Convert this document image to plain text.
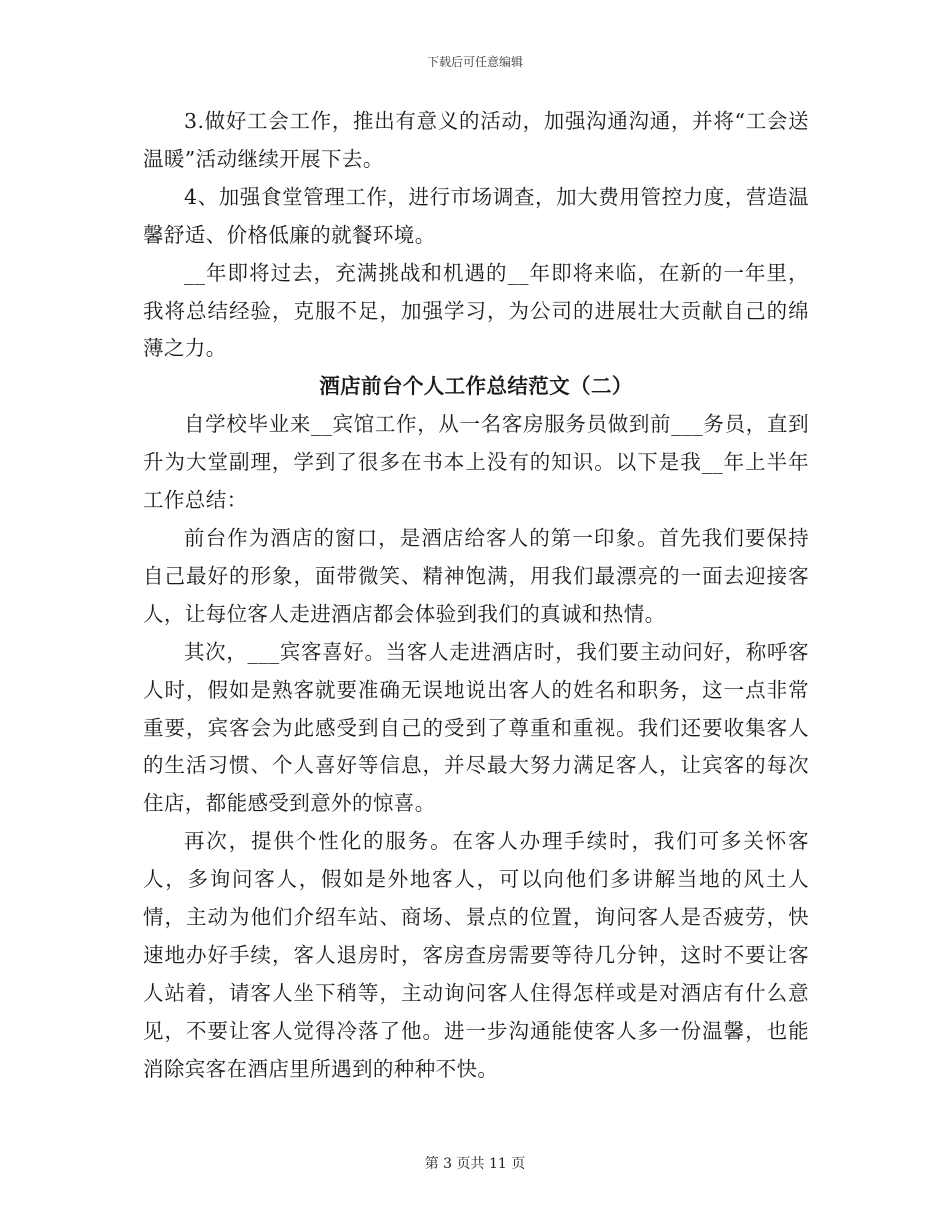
下载后可任意编辑

3.做好工会工作，推出有意义的活动，加强沟通沟通，并将“工会送温暖”活动继续开展下去。

4、加强食堂管理工作，进行市场调查，加大费用管控力度，营造温馨舒适、价格低廉的就餐环境。

__年即将过去，充满挑战和机遇的__年即将来临，在新的一年里，我将总结经验，克服不足，加强学习，为公司的进展壮大贡献自己的绵薄之力。

酒店前台个人工作总结范文（二）

自学校毕业来__宾馆工作，从一名客房服务员做到前___务员，直到升为大堂副理，学到了很多在书本上没有的知识。以下是我__年上半年工作总结：

前台作为酒店的窗口，是酒店给客人的第一印象。首先我们要保持自己最好的形象，面带微笑、精神饱满，用我们最漂亮的一面去迎接客人，让每位客人走进酒店都会体验到我们的真诚和热情。

其次，___宾客喜好。当客人走进酒店时，我们要主动问好，称呼客人时，假如是熟客就要准确无误地说出客人的姓名和职务，这一点非常重要，宾客会为此感受到自己的受到了尊重和重视。我们还要收集客人的生活习惯、个人喜好等信息，并尽最大努力满足客人，让宾客的每次住店，都能感受到意外的惊喜。

再次，提供个性化的服务。在客人办理手续时，我们可多关怀客人，多询问客人，假如是外地客人，可以向他们多讲解当地的风土人情，主动为他们介绍车站、商场、景点的位置，询问客人是否疲劳，快速地办好手续，客人退房时，客房查房需要等待几分钟，这时不要让客人站着，请客人坐下稍等，主动询问客人住得怎样或是对酒店有什么意见，不要让客人觉得冷落了他。进一步沟通能使客人多一份温馨，也能消除宾客在酒店里所遇到的种种不快。

第 3 页共 11 页
